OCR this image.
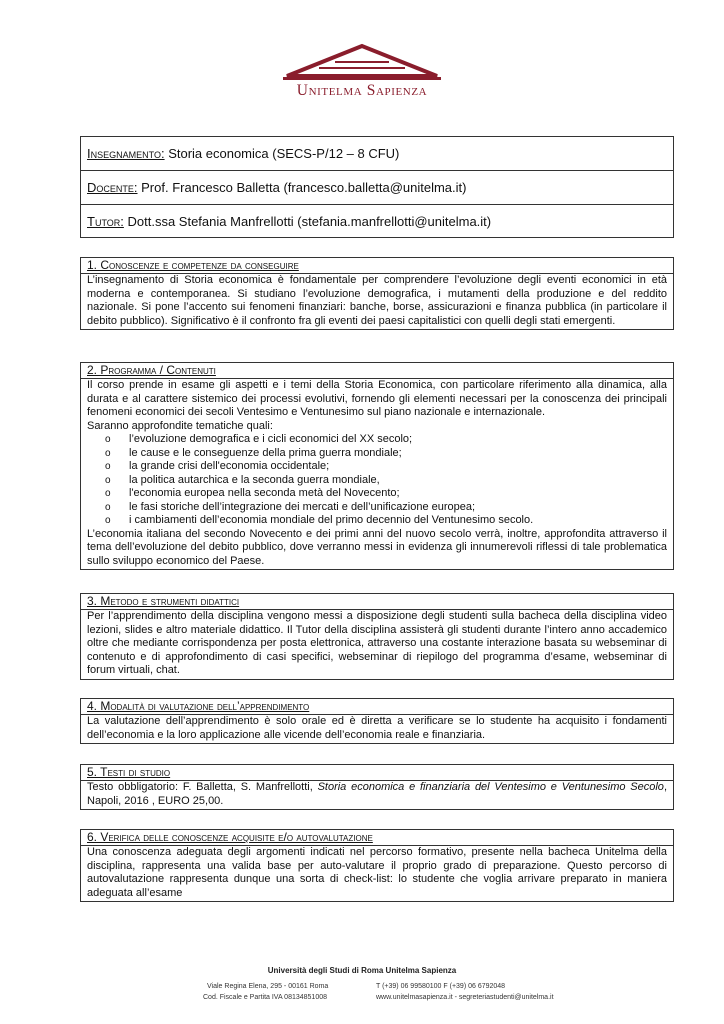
Unitelma Sapienza
Insegnamento: Storia economica (SECS-P/12 – 8 CFU)
Docente: Prof. Francesco Balletta (francesco.balletta@unitelma.it)
Tutor: Dott.ssa Stefania Manfrellotti (stefania.manfrellotti@unitelma.it)
1. Conoscenze e competenze da conseguire

L’insegnamento di Storia economica è fondamentale per comprendere l’evoluzione degli eventi economici in età moderna e contemporanea. Si studiano l’evoluzione demografica, i mutamenti della produzione e del reddito nazionale. Si pone l’accento sui fenomeni finanziari: banche, borse, assicurazioni e finanza pubblica (in particolare il debito pubblico). Significativo è il confronto fra gli eventi dei paesi capitalistici con quelli degli stati emergenti.

2. Programma / Contenuti

Il corso prende in esame gli aspetti e i temi della Storia Economica, con particolare riferimento alla dinamica, alla durata e al carattere sistemico dei processi evolutivi, fornendo gli elementi necessari per la conoscenza dei principali fenomeni economici dei secoli Ventesimo e Ventunesimo sul piano nazionale e internazionale.

Saranno approfondite tematiche quali:

o l’evoluzione demografica e i cicli economici del XX secolo;
o le cause e le conseguenze della prima guerra mondiale;
o la grande crisi dell'economia occidentale;
o la politica autarchica e la seconda guerra mondiale,
o l'economia europea nella seconda metà del Novecento;
o le fasi storiche dell’integrazione dei mercati e dell’unificazione europea;
o i cambiamenti dell’economia mondiale del primo decennio del Ventunesimo secolo.

L’economia italiana del secondo Novecento e dei primi anni del nuovo secolo verrà, inoltre, approfondita attraverso il tema dell’evoluzione del debito pubblico, dove verranno messi in evidenza gli innumerevoli riflessi di tale problematica sullo sviluppo economico del Paese.

3. Metodo e strumenti didattici

Per l’apprendimento della disciplina vengono messi a disposizione degli studenti sulla bacheca della disciplina video lezioni, slides e altro materiale didattico. Il Tutor della disciplina assisterà gli studenti durante l’intero anno accademico oltre che mediante corrispondenza per posta elettronica, attraverso una costante interazione basata su webseminar di contenuto e di approfondimento di casi specifici, webseminar di riepilogo del programma d’esame, webseminar di forum virtuali, chat.

4. Modalità di valutazione dell’apprendimento

La valutazione dell’apprendimento è solo orale ed è diretta a verificare se lo studente ha acquisito i fondamenti dell’economia e la loro applicazione alle vicende dell’economia reale e finanziaria.

5. Testi di studio

Testo obbligatorio: F. Balletta, S. Manfrellotti, Storia economica e finanziaria del Ventesimo e Ventunesimo Secolo, Napoli, 2016 , EURO 25,00.

6. Verifica delle conoscenze acquisite e/o autovalutazione

Una conoscenza adeguata degli argomenti indicati nel percorso formativo, presente nella bacheca Unitelma della disciplina, rappresenta una valida base per auto-valutare il proprio grado di preparazione. Questo percorso di autovalutazione rappresenta dunque una sorta di check-list: lo studente che voglia arrivare preparato in maniera adeguata all’esame

Università degli Studi di Roma Unitelma Sapienza
Viale Regina Elena, 295 - 00161 Roma
Cod. Fiscale e Partita IVA 08134851008
T (+39) 06 99580100 F (+39) 06 6792048
www.unitelmasapienza.it - segreteriastudenti@unitelma.it
